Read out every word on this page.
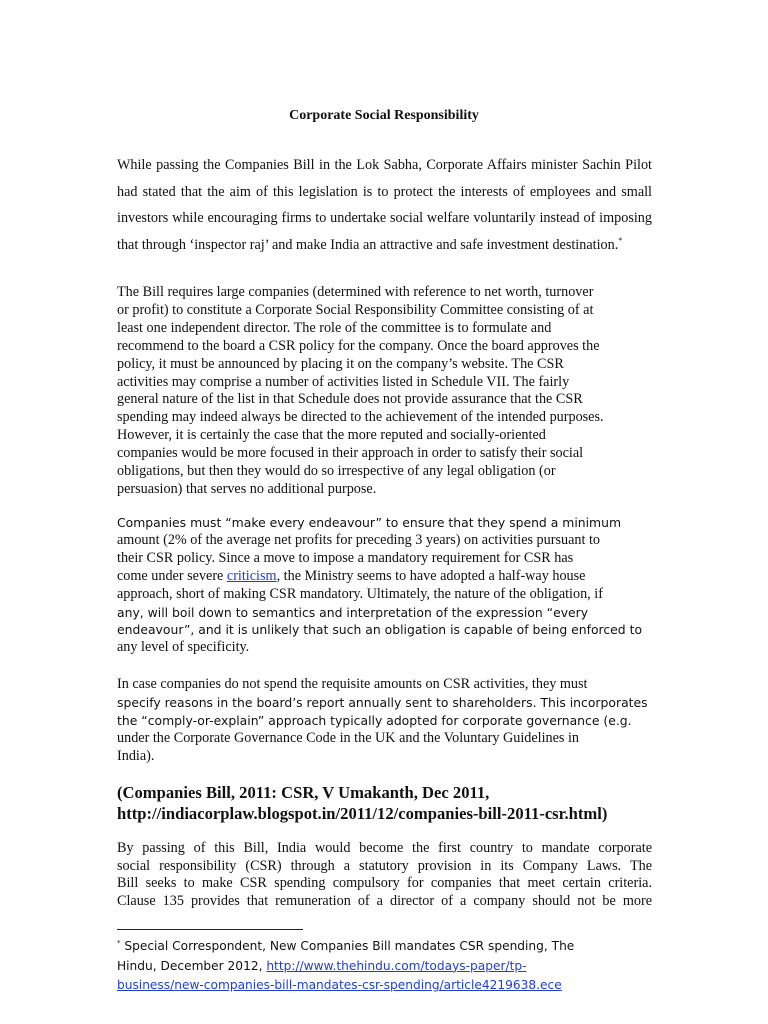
Corporate Social Responsibility

While passing the Companies Bill in the Lok Sabha, Corporate Affairs minister Sachin Pilot had stated that the aim of this legislation is to protect the interests of employees and small investors while encouraging firms to undertake social welfare voluntarily instead of imposing that through ‘inspector raj’ and make India an attractive and safe investment destination.*

The Bill requires large companies (determined with reference to net worth, turnover
or profit) to constitute a Corporate Social Responsibility Committee consisting of at
least one independent director. The role of the committee is to formulate and
recommend to the board a CSR policy for the company. Once the board approves the
policy, it must be announced by placing it on the company’s website. The CSR
activities may comprise a number of activities listed in Schedule VII. The fairly
general nature of the list in that Schedule does not provide assurance that the CSR
spending may indeed always be directed to the achievement of the intended purposes.
However, it is certainly the case that the more reputed and socially-oriented
companies would be more focused in their approach in order to satisfy their social
obligations, but then they would do so irrespective of any legal obligation (or
persuasion) that serves no additional purpose.

Companies must “make every endeavour” to ensure that they spend a minimum
amount (2% of the average net profits for preceding 3 years) on activities pursuant to
their CSR policy. Since a move to impose a mandatory requirement for CSR has
come under severe criticism, the Ministry seems to have adopted a half-way house
approach, short of making CSR mandatory. Ultimately, the nature of the obligation, if
any, will boil down to semantics and interpretation of the expression “every
endeavour”, and it is unlikely that such an obligation is capable of being enforced to
any level of specificity.

In case companies do not spend the requisite amounts on CSR activities, they must
specify reasons in the board’s report annually sent to shareholders. This incorporates
the “comply-or-explain” approach typically adopted for corporate governance (e.g.
under the Corporate Governance Code in the UK and the Voluntary Guidelines in
India).

(Companies Bill, 2011: CSR, V Umakanth, Dec 2011,
http://indiacorplaw.blogspot.in/2011/12/companies-bill-2011-csr.html)

By passing of this Bill, India would become the first country to mandate corporate
social responsibility (CSR) through a statutory provision in its Company Laws. The
Bill seeks to make CSR spending compulsory for companies that meet certain criteria.
Clause 135 provides that remuneration of a director of a company should not be more

* Special Correspondent, New Companies Bill mandates CSR spending, The
Hindu, December 2012, http://www.thehindu.com/todays-paper/tp-
business/new-companies-bill-mandates-csr-spending/article4219638.ece
